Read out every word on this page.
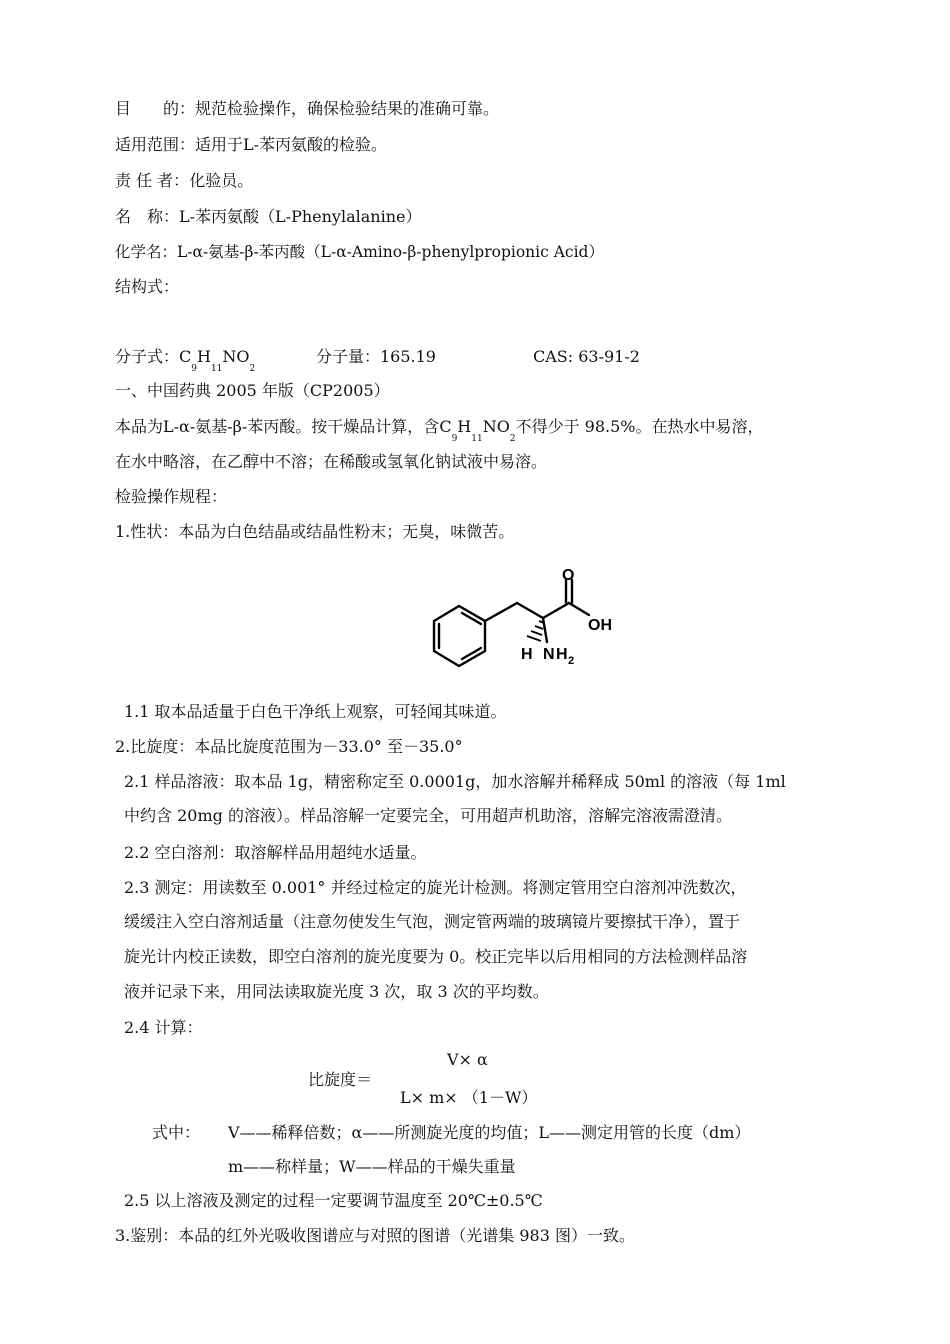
目　　的：规范检验操作，确保检验结果的准确可靠。
适用范围：适用于L-苯丙氨酸的检验。
责 任 者：化验员。
名　称：L-苯丙氨酸（L-Phenylalanine）
化学名：L-α-氨基-β-苯丙酸（L-α-Amino-β-phenylpropionic Acid）
结构式：
分子式：$C_9H_{11}NO_2$
分子量：165.19	CAS: 63-91-2
一、中国药典 2005 年版（CP2005）
本品为L-α-氨基-β-苯丙酸。按干燥品计算，含$C_9H_{11}NO_2$不得少于 98.5%。在热水中易溶，
在水中略溶，在乙醇中不溶；在稀酸或氢氧化钠试液中易溶。
检验操作规程：
1.性状：本品为白色结晶或结晶性粉末；无臭，味微苦。
O
OH
H N H 2
1.1 取本品适量于白色干净纸上观察，可轻闻其味道。
2.比旋度：本品比旋度范围为－33.0° 至－35.0°
2.1 样品溶液：取本品 1g，精密称定至 0.0001g，加水溶解并稀释成 50ml 的溶液（每 1ml
中约含 20mg 的溶液）。样品溶解一定要完全，可用超声机助溶，溶解完溶液需澄清。
2.2 空白溶剂：取溶解样品用超纯水适量。
2.3 测定：用读数至 0.001° 并经过检定的旋光计检测。将测定管用空白溶剂冲洗数次，
缓缓注入空白溶剂适量（注意勿使发生气泡，测定管两端的玻璃镜片要擦拭干净），置于
旋光计内校正读数，即空白溶剂的旋光度要为 0。校正完毕以后用相同的方法检测样品溶
液并记录下来，用同法读取旋光度 3 次，取 3 次的平均数。
2.4 计算：
V× α
比旋度＝
L× m× （1－W）
式中： V——稀释倍数；α——所测旋光度的均值；L——测定用管的长度（dm）
m——称样量；W——样品的干燥失重量
2.5 以上溶液及测定的过程一定要调节温度至 20℃±0.5℃
3.鉴别：本品的红外光吸收图谱应与对照的图谱（光谱集 983 图）一致。
